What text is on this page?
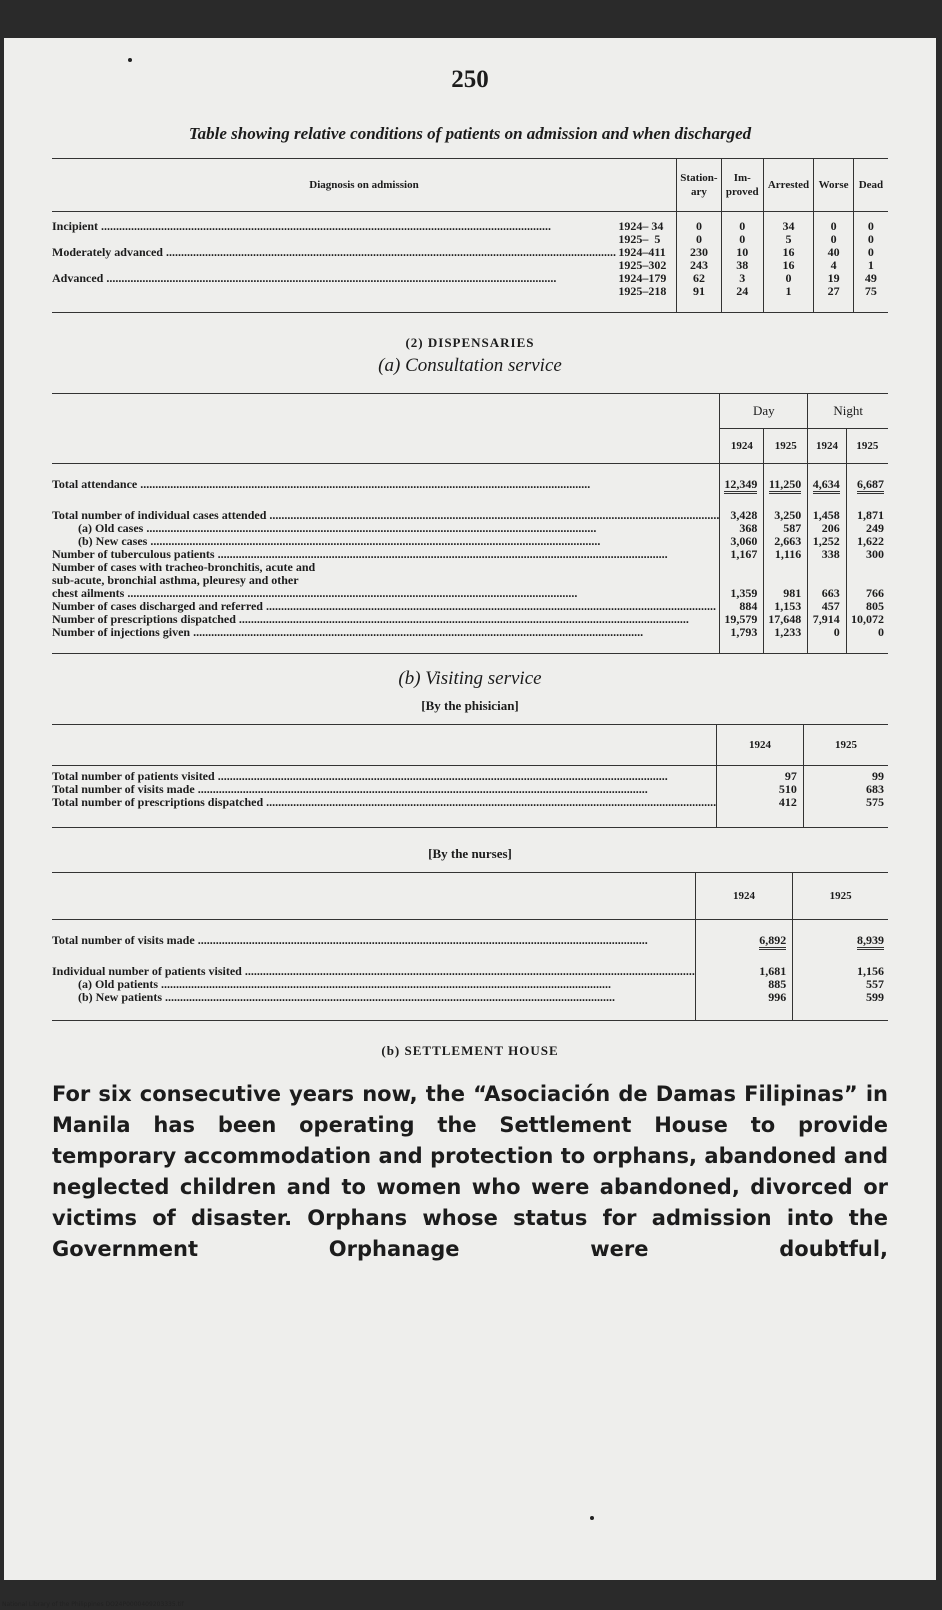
250
Table showing relative conditions of patients on admission and when discharged
Diagnosis on admission		Station-ary	Im-proved	Arrested	Worse	Dead

Incipient .....	 1924– 34	0	0	34	0	0
	 1925–  5	0	0	5	0	0

Moderately advanced .....	 1924–411	230	10	16	40	0
	 1925–302	243	38	16	4	1

Advanced .....	 1924–179	62	3	0	19	49
	 1925–218	91	24	1	27	75
(2) DISPENSARIES
(a) Consultation service
	Day		Night	
	1924	1925	1924	1925

Total attendance .....	12,349	11,250	4,634	6,687

Total number of individual cases attended .....	3,428	3,250	1,458	1,871

(a) Old cases .....	368	587	206	249

(b) New cases .....	3,060	2,663	1,252	1,622

Number of tuberculous patients .....	1,167	1,116	338	300

Number of cases with tracheo-bronchitis, acute and				

sub-acute, bronchial asthma, pleuresy and other				

chest ailments .....	1,359	981	663	766

Number of cases discharged and referred .....	884	1,153	457	805

Number of prescriptions dispatched .....	19,579	17,648	7,914	10,072

Number of injections given .....	1,793	1,233	0	0
(b) Visiting service
[By the phisician]
	1924	1925

Total number of patients visited .....	97	99

Total number of visits made .....	510	683

Total number of prescriptions dispatched .....	412	575
[By the nurses]
	1924	1925

Total number of visits made .....	6,892	8,939

Individual number of patients visited .....	1,681	1,156

(a) Old patients .....	885	557

(b) New patients .....	996	599
(b) SETTLEMENT HOUSE
For six consecutive years now, the “Asociación de Damas Filipinas” in Manila has been operating the Settlement House to provide temporary accommodation and protection to orphans, abandoned and neglected children and to women who were abandoned, divorced or victims of disaster. Orphans whose status for admission into the Government Orphanage were doubtful,
National Library of the Philippines DO24P0000409203335.tif
